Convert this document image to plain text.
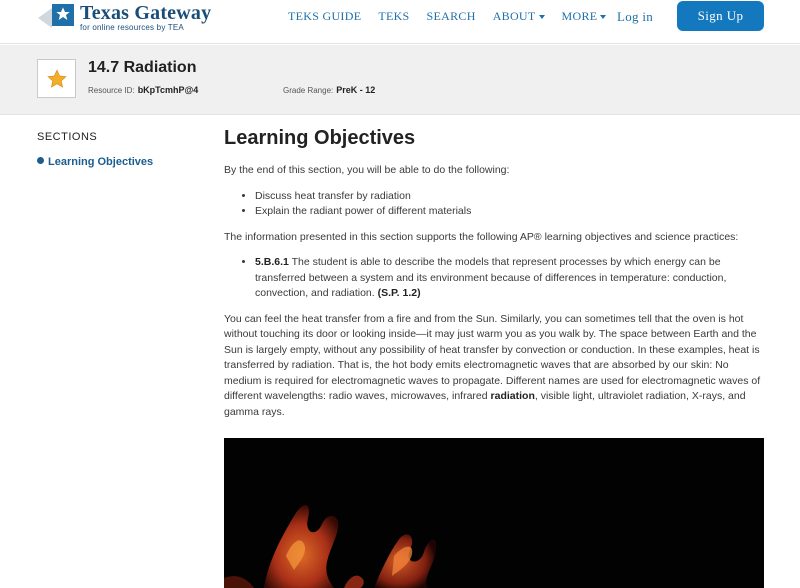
Texas Gateway
for online resources by TEA
TEKS GUIDE TEKS SEARCH ABOUT	MORE	Log in	Sign Up
14.7 Radiation
Resource ID: bKpTcmhP@4	Grade Range: PreK - 12
SECTIONS
Learning Objectives
Learning Objectives

By the end of this section, you will be able to do the following:

• Discuss heat transfer by radiation
• Explain the radiant power of different materials

The information presented in this section supports the following AP® learning objectives and science practices:

• 5.B.6.1 The student is able to describe the models that represent processes by which energy can be transferred between a system and its environment because of differences in temperature: conduction, convection, and radiation. (S.P. 1.2)

You can feel the heat transfer from a fire and from the Sun. Similarly, you can sometimes tell that the oven is hot without touching its door or looking inside—it may just warm you as you walk by. The space between Earth and the Sun is largely empty, without any possibility of heat transfer by convection or conduction. In these examples, heat is transferred by radiation. That is, the hot body emits electromagnetic waves that are absorbed by our skin: No medium is required for electromagnetic waves to propagate. Different names are used for electromagnetic waves of different wavelengths: radio waves, microwaves, infrared radiation, visible light, ultraviolet radiation, X-rays, and gamma rays.
